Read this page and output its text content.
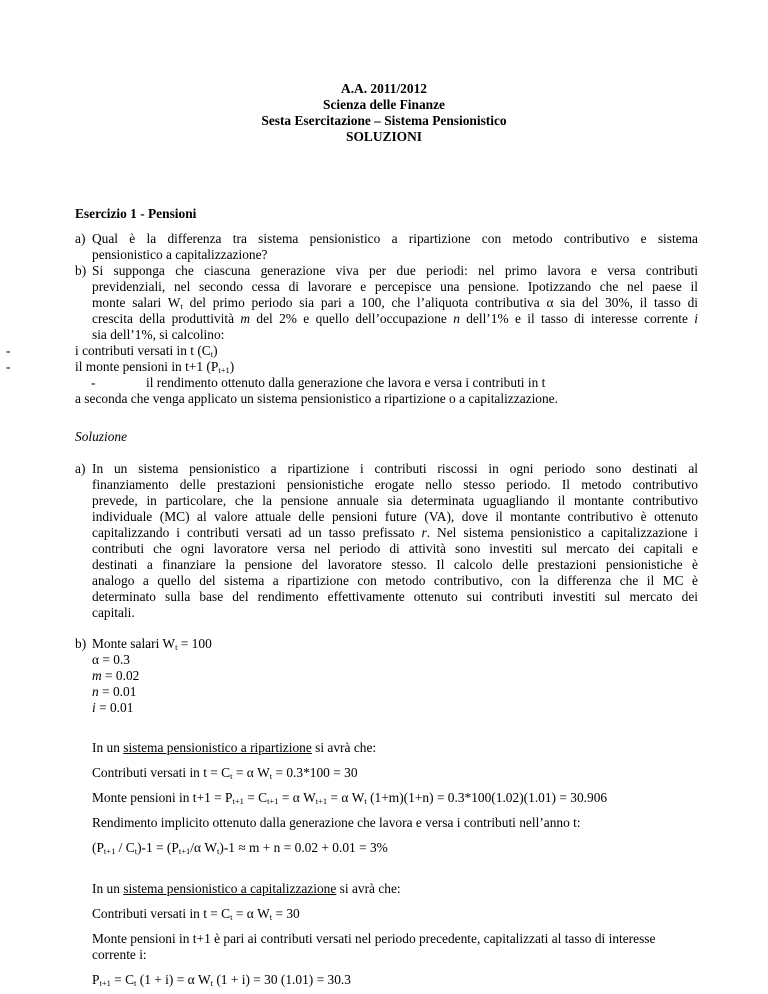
A.A. 2011/2012
Scienza delle Finanze
Sesta Esercitazione – Sistema Pensionistico
SOLUZIONI
Esercizio 1 - Pensioni
a) Qual è la differenza tra sistema pensionistico a ripartizione con metodo contributivo e sistema
pensionistico a capitalizzazione?
b) Si supponga che ciascuna generazione viva per due periodi: nel primo lavora e versa contributi
previdenziali, nel secondo cessa di lavorare e percepisce una pensione. Ipotizzando che nel paese il
monte salari $W_t$ del primo periodo sia pari a 100, che l’aliquota contributiva α sia del 30%, il tasso di
crescita della produttività m del 2% e quello dell’occupazione n dell’1% e il tasso di interesse corrente i
sia dell’1%, si calcolino:
-	i contributi versati in t $(C_t)$
-	il monte pensioni in t+1 $(P_{t+1})$
-	il rendimento ottenuto dalla generazione che lavora e versa i contributi in t
a seconda che venga applicato un sistema pensionistico a ripartizione o a capitalizzazione.
Soluzione
a) In un sistema pensionistico a ripartizione i contributi riscossi in ogni periodo sono destinati al
finanziamento delle prestazioni pensionistiche erogate nello stesso periodo. Il metodo contributivo
prevede, in particolare, che la pensione annuale sia determinata uguagliando il montante contributivo
individuale (MC) al valore attuale delle pensioni future (VA), dove il montante contributivo è ottenuto
capitalizzando i contributi versati ad un tasso prefissato r. Nel sistema pensionistico a capitalizzazione i
contributi che ogni lavoratore versa nel periodo di attività sono investiti sul mercato dei capitali e
destinati a finanziare la pensione del lavoratore stesso. Il calcolo delle prestazioni pensionistiche è
analogo a quello del sistema a ripartizione con metodo contributivo, con la differenza che il MC è
determinato sulla base del rendimento effettivamente ottenuto sui contributi investiti sul mercato dei
capitali.
b) Monte salari $W_t = 100$
α = 0.3
m = 0.02
n = 0.01
i = 0.01
In un sistema pensionistico a ripartizione si avrà che:
Contributi versati in $t = C_t = \alpha$ $W_t = 0.3*100 = 30$
Monte pensioni in $t+1 = P_{t+1} = C_{t+1} = \alpha$ $W_{t+1} = \alpha$ $W_t$ (1+m)(1+n) = 0.3*100(1.02)(1.01) = 30.906
Rendimento implicito ottenuto dalla generazione che lavora e versa i contributi nell’anno t:
$(P_{t+1} / C_t)-1 = (P_{t+1}/\alpha$ $W_t)-1 \approx m + n = 0.02 + 0.01 = 3\%$
In un sistema pensionistico a capitalizzazione si avrà che:
Contributi versati in $t = C_t = \alpha$ $W_t = 30$
Monte pensioni in t+1 è pari ai contributi versati nel periodo precedente, capitalizzati al tasso di interesse
corrente i:
$P_{t+1} = C_t$ (1 + i) = α $W_t$ (1 + i) = 30 (1.01) = 30.3
